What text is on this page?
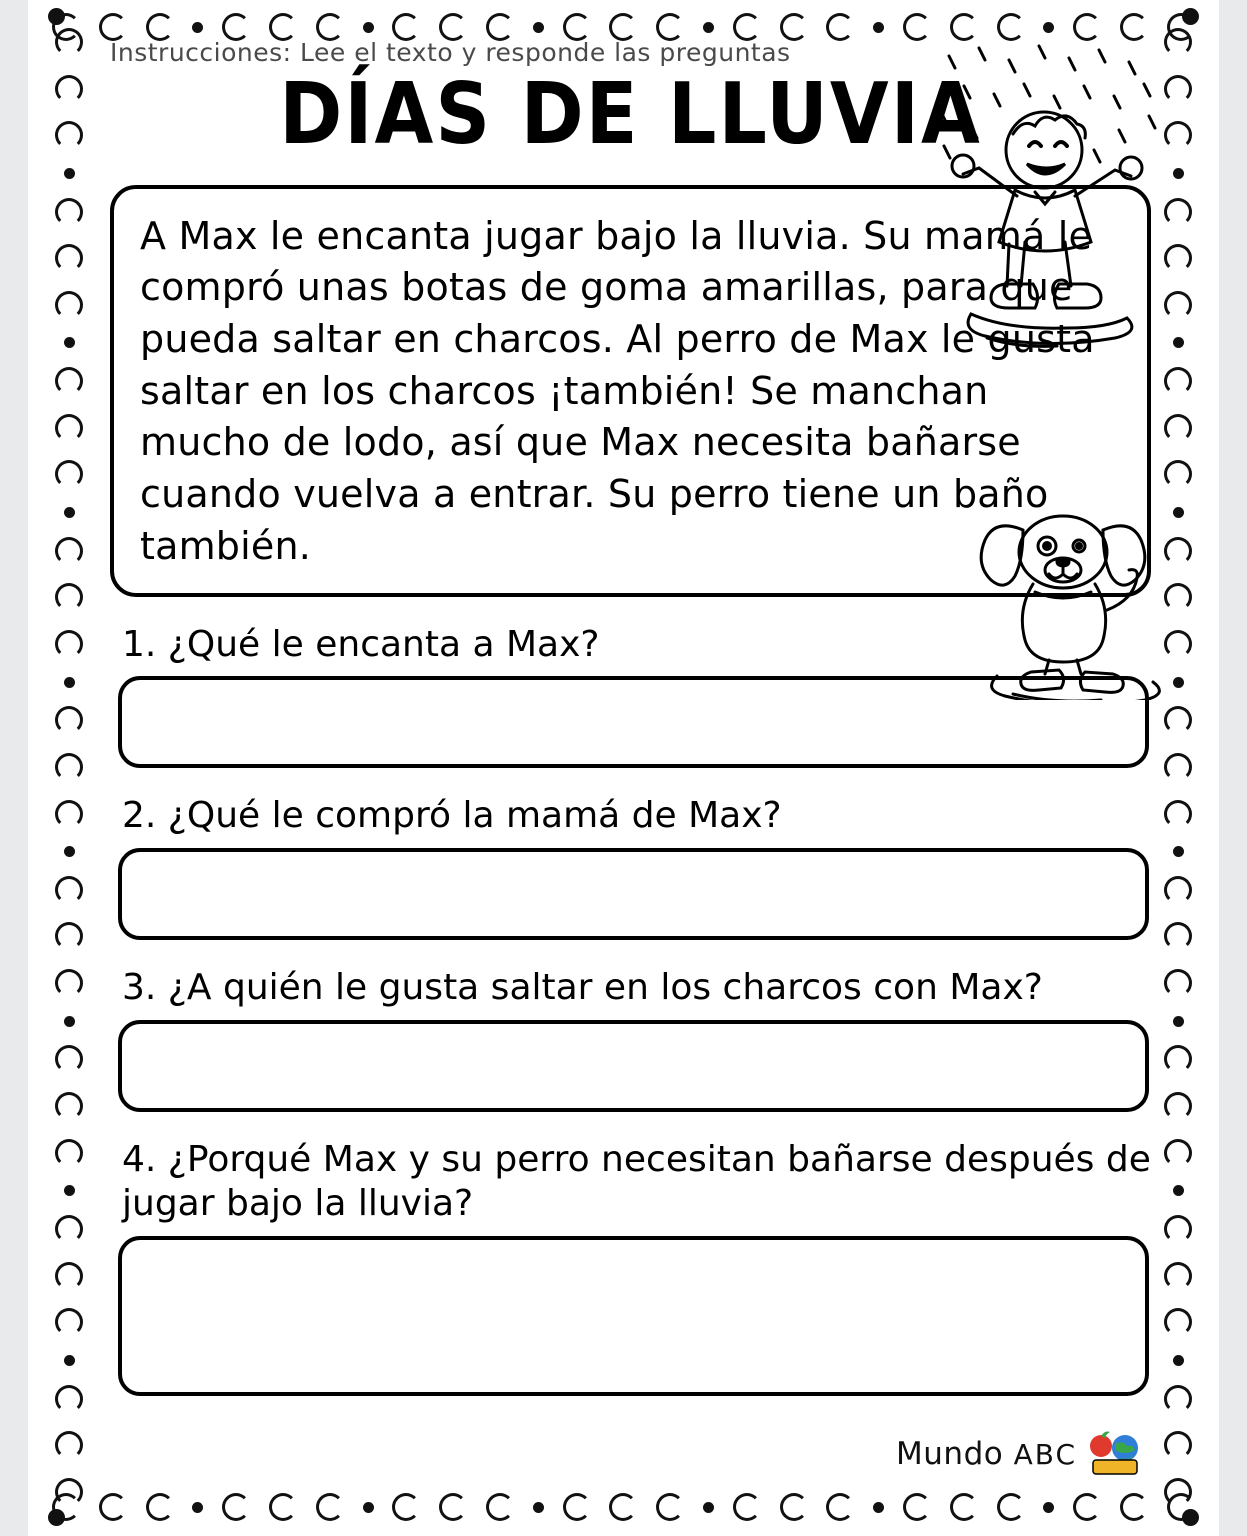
Instrucciones: Lee el texto y responde las preguntas
DÍAS DE LLUVIA
A Max le encanta jugar bajo la lluvia. Su mamá le compró unas botas de goma amarillas, para que pueda saltar en charcos. Al perro de Max le gusta saltar en los charcos ¡también! Se manchan mucho de lodo, así que Max necesita bañarse cuando vuelva a entrar. Su perro tiene un baño también.
1. ¿Qué le encanta a Max?
2. ¿Qué le compró la mamá de Max?
3. ¿A quién le gusta saltar en los charcos con Max?
4. ¿Porqué Max y su perro necesitan bañarse después de jugar bajo la lluvia?
Mundo ABC
